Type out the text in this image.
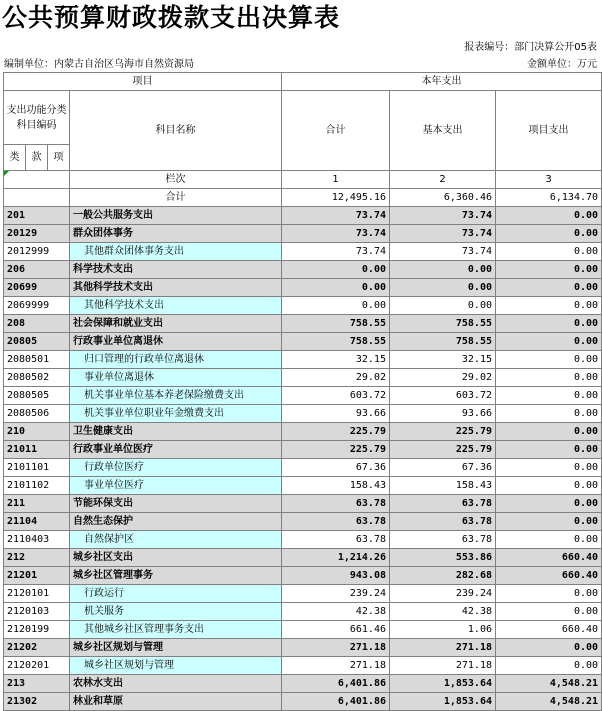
公共预算财政拨款支出决算表
报表编号：部门决算公开05表
编制单位：内蒙古自治区乌海市自然资源局	金额单位：万元
项目				本年支出		
支出功能分类科目编码			科目名称	合计	基本支出	项目支出
类	款	项				
			栏次	1	2	3
			合计	12,495.16	6,360.46	6,134.70
201			一般公共服务支出	73.74	73.74	0.00
20129			群众团体事务	73.74	73.74	0.00
2012999			其他群众团体事务支出	73.74	73.74	0.00
206			科学技术支出	0.00	0.00	0.00
20699			其他科学技术支出	0.00	0.00	0.00
2069999			其他科学技术支出	0.00	0.00	0.00
208			社会保障和就业支出	758.55	758.55	0.00
20805			行政事业单位离退休	758.55	758.55	0.00
2080501			归口管理的行政单位离退休	32.15	32.15	0.00
2080502			事业单位离退休	29.02	29.02	0.00
2080505			机关事业单位基本养老保险缴费支出	603.72	603.72	0.00
2080506			机关事业单位职业年金缴费支出	93.66	93.66	0.00
210			卫生健康支出	225.79	225.79	0.00
21011			行政事业单位医疗	225.79	225.79	0.00
2101101			行政单位医疗	67.36	67.36	0.00
2101102			事业单位医疗	158.43	158.43	0.00
211			节能环保支出	63.78	63.78	0.00
21104			自然生态保护	63.78	63.78	0.00
2110403			自然保护区	63.78	63.78	0.00
212			城乡社区支出	1,214.26	553.86	660.40
21201			城乡社区管理事务	943.08	282.68	660.40
2120101			行政运行	239.24	239.24	0.00
2120103			机关服务	42.38	42.38	0.00
2120199			其他城乡社区管理事务支出	661.46	1.06	660.40
21202			城乡社区规划与管理	271.18	271.18	0.00
2120201			城乡社区规划与管理	271.18	271.18	0.00
213			农林水支出	6,401.86	1,853.64	4,548.21
21302			林业和草原	6,401.86	1,853.64	4,548.21
